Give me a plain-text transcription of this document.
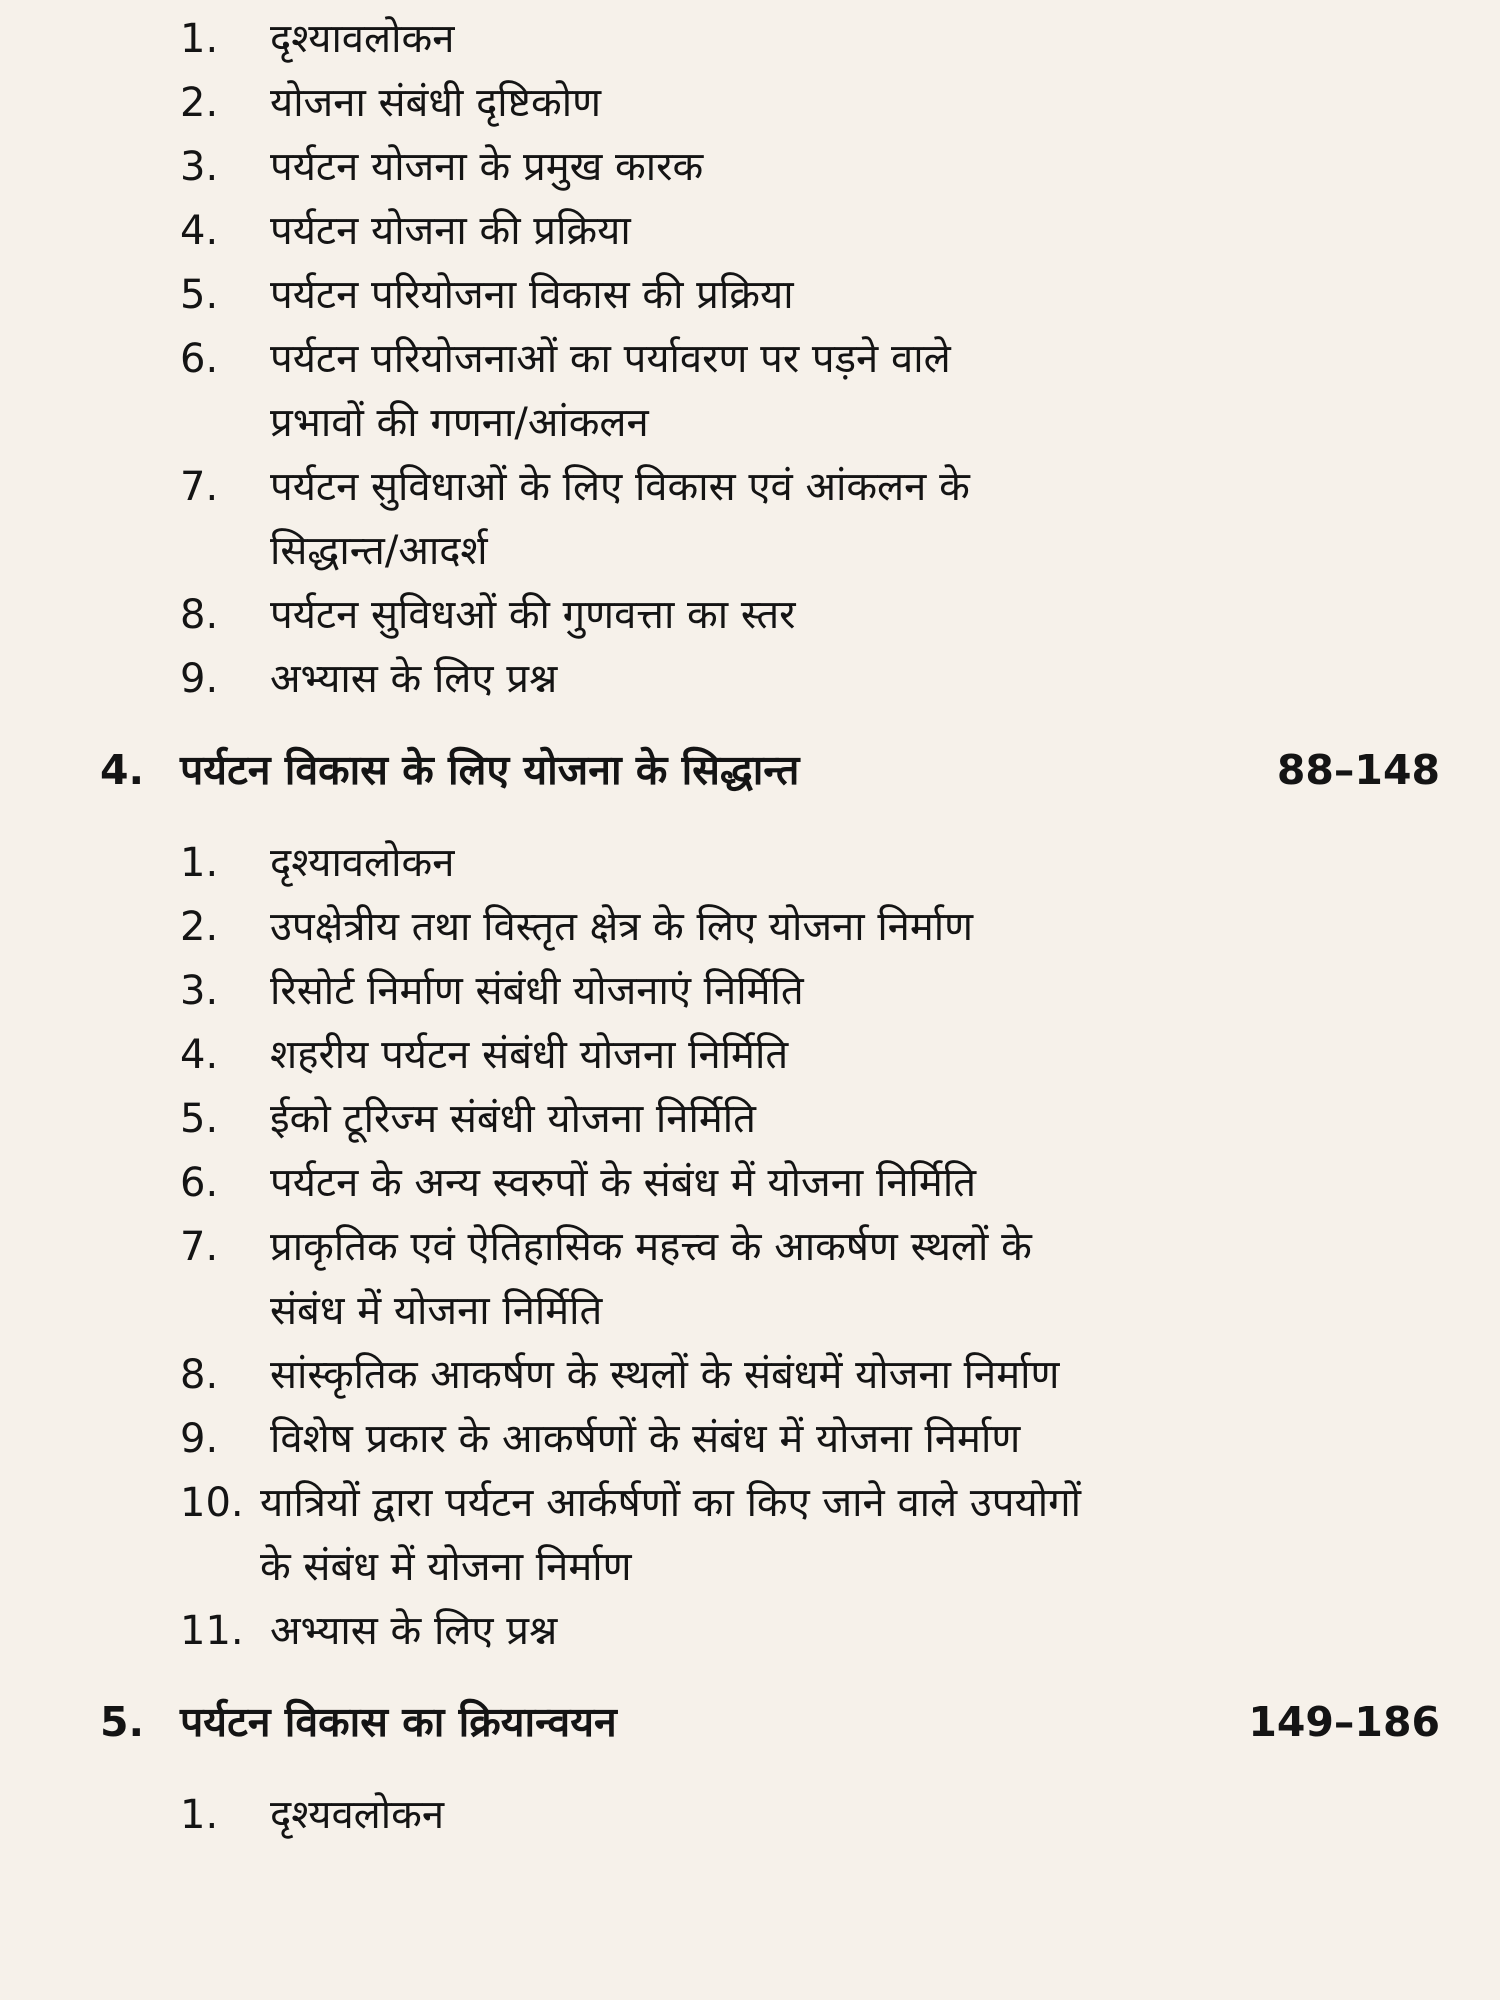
1.	दृश्यावलोकन
2.	योजना संबंधी दृष्टिकोण
3.	पर्यटन योजना के प्रमुख कारक
4.	पर्यटन योजना की प्रक्रिया
5.	पर्यटन परियोजना विकास की प्रक्रिया
6.	पर्यटन परियोजनाओं का पर्यावरण पर पड़ने वाले
प्रभावों की गणना/आंकलन
7.	पर्यटन सुविधाओं के लिए विकास एवं आंकलन के
सिद्धान्त/आदर्श
8.	पर्यटन सुविधओं की गुणवत्ता का स्तर
9.	अभ्यास के लिए प्रश्न
4. पर्यटन विकास के लिए योजना के सिद्धान्त	88–148
1.	दृश्यावलोकन
2.	उपक्षेत्रीय तथा विस्तृत क्षेत्र के लिए योजना निर्माण
3.	रिसोर्ट निर्माण संबंधी योजनाएं निर्मिति
4.	शहरीय पर्यटन संबंधी योजना निर्मिति
5.	ईको टूरिज्म संबंधी योजना निर्मिति
6.	पर्यटन के अन्य स्वरुपों के संबंध में योजना निर्मिति
7.	प्राकृतिक एवं ऐतिहासिक महत्त्व के आकर्षण स्थलों के
संबंध में योजना निर्मिति
8.	सांस्कृतिक आकर्षण के स्थलों के संबंधमें योजना निर्माण
9.	विशेष प्रकार के आकर्षणों के संबंध में योजना निर्माण
10. यात्रियों द्वारा पर्यटन आर्कर्षणों का किए जाने वाले उपयोगों
के संबंध में योजना निर्माण
11. अभ्यास के लिए प्रश्न
5. पर्यटन विकास का क्रियान्वयन	149–186
1.	दृश्यवलोकन
